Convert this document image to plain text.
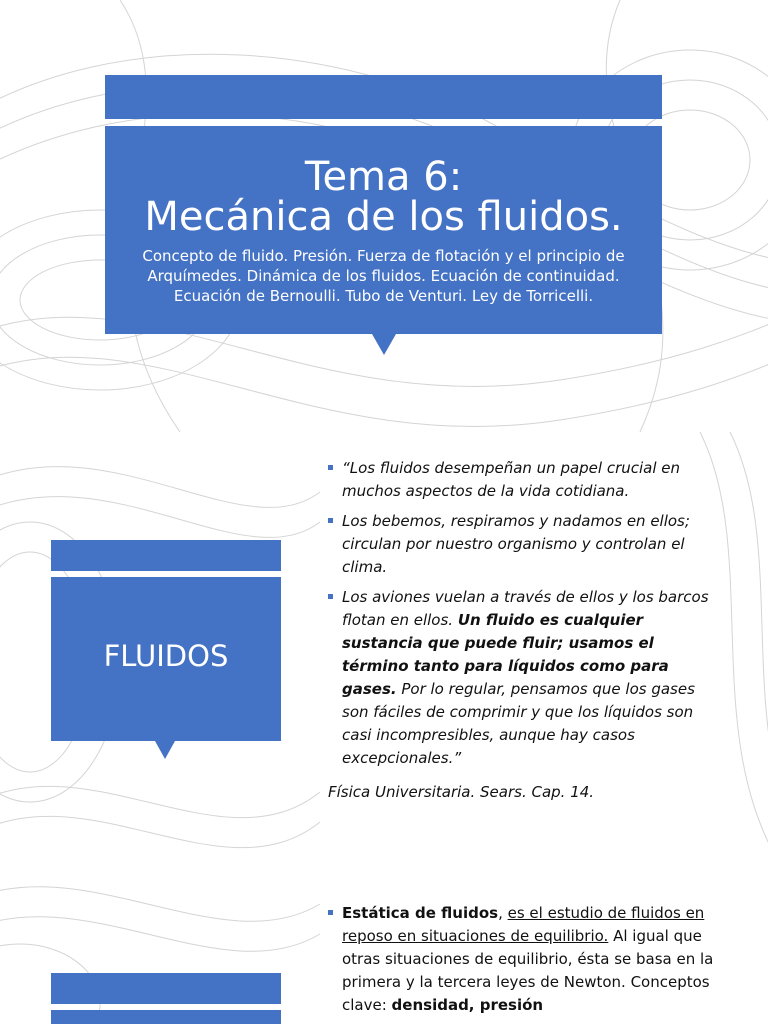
Tema 6:
Mecánica de los fluidos.
Concepto de fluido. Presión. Fuerza de flotación y el principio de Arquímedes. Dinámica de los fluidos. Ecuación de continuidad. Ecuación de Bernoulli. Tubo de Venturi. Ley de Torricelli.
FLUIDOS
“Los fluidos desempeñan un papel crucial en muchos aspectos de la vida cotidiana.
Los bebemos, respiramos y nadamos en ellos; circulan por nuestro organismo y controlan el clima.
Los aviones vuelan a través de ellos y los barcos flotan en ellos. Un fluido es cualquier sustancia que puede fluir; usamos el término tanto para líquidos como para gases. Por lo regular, pensamos que los gases son fáciles de comprimir y que los líquidos son casi incompresibles, aunque hay casos excepcionales.”
Física Universitaria. Sears. Cap. 14.
Estática de fluidos, es el estudio de fluidos en reposo en situaciones de equilibrio. Al igual que otras situaciones de equilibrio, ésta se basa en la primera y la tercera leyes de Newton. Conceptos clave: densidad, presión
